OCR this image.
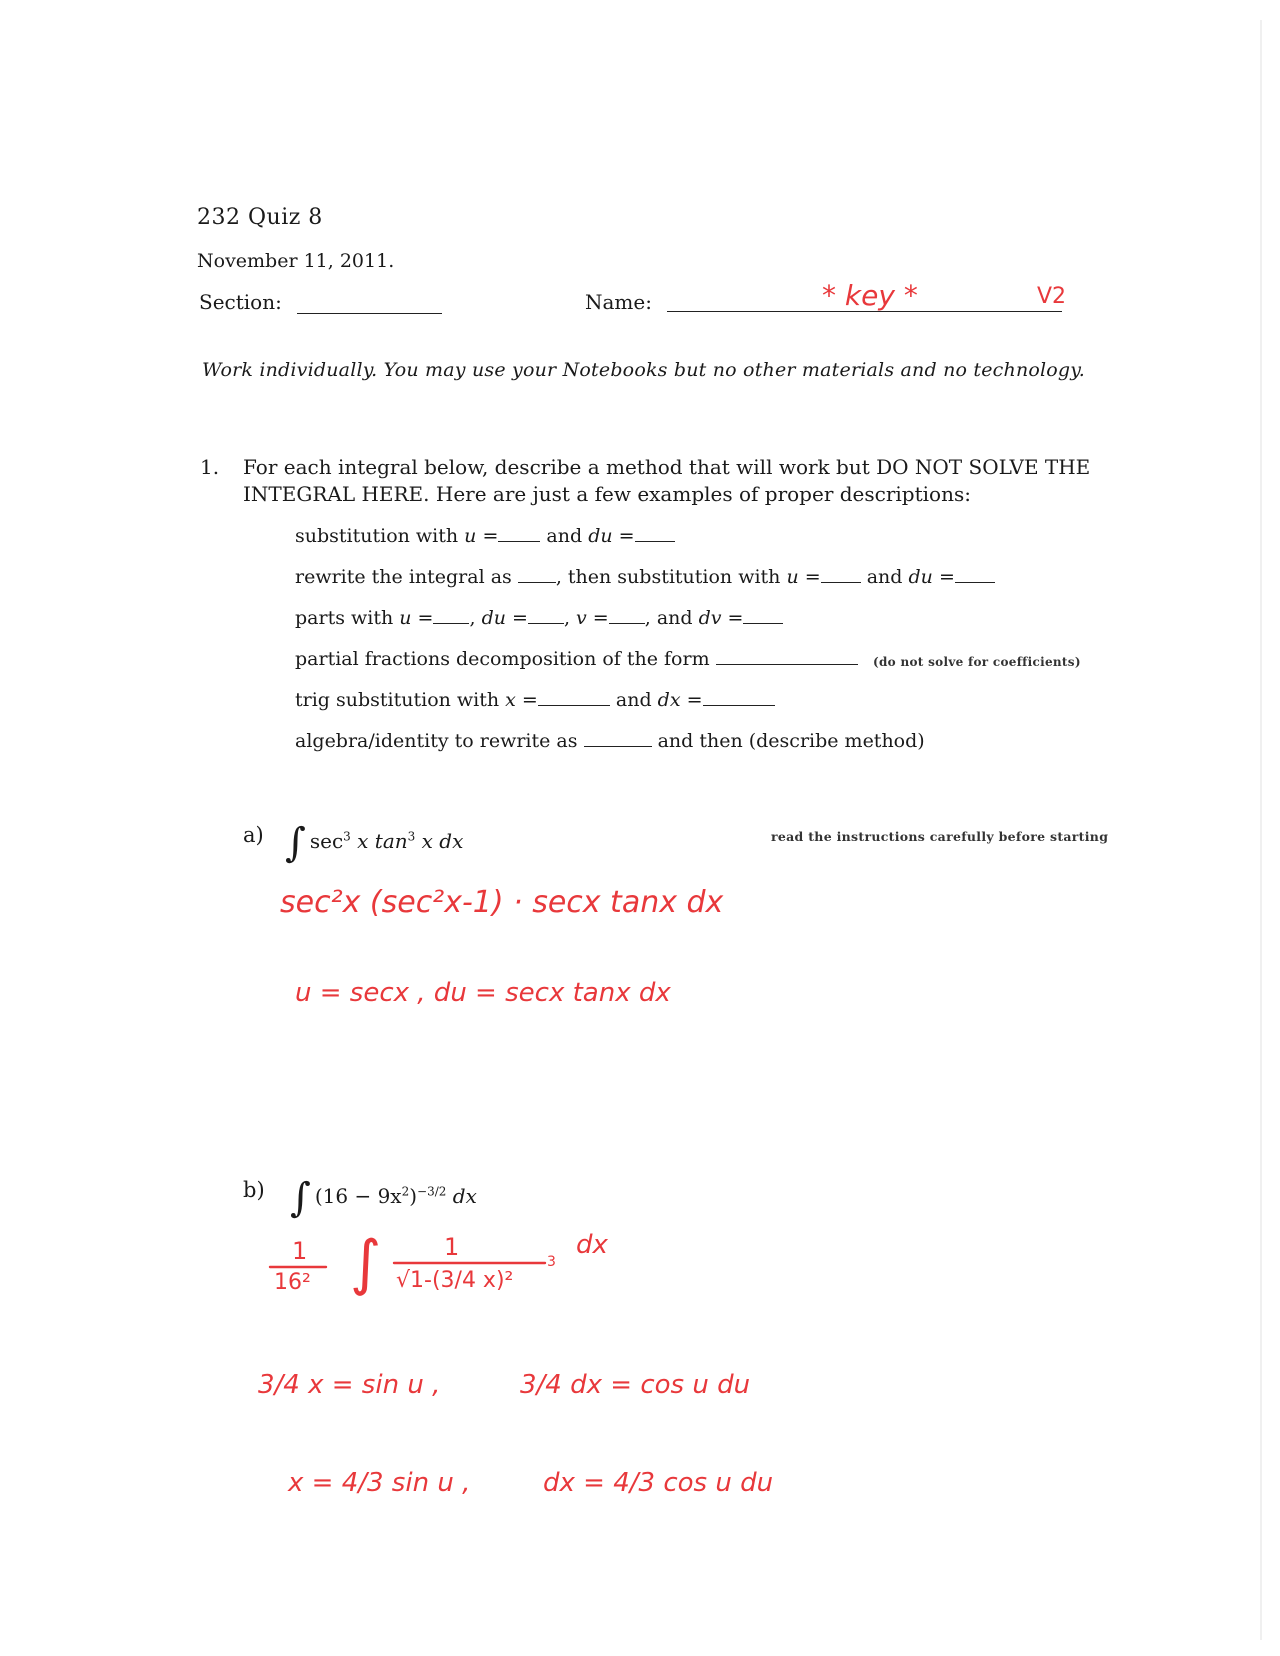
232 Quiz 8
November 11, 2011.
Section:	Name:	* key *	V2
Work individually. You may use your Notebooks but no other materials and no technology.
1. For each integral below, describe a method that will work but DO NOT SOLVE THE
INTEGRAL HERE. Here are just a few examples of proper descriptions:
substitution with u = and du =
rewrite the integral as , then substitution with u = and du =
parts with u = , du = , v = , and dv =
partial fractions decomposition of the form	(do not solve for coefficients)
trig substitution with x =	and dx =
algebra/identity to rewrite as	and then (describe method)
a) ∫ $\sec^3 x$ $\tan^3 x$ dx	read the instructions carefully before starting
sec²x (sec²x-1) · secx tanx dx
u = secx , du = secx tanx dx
b) ∫ $(16 - 9x^2)^{-3/2}$ dx
1
16² ∫	1
√1-(3/4 x)²
3
dx
3/4 x = sin u ,	3/4 dx = cos u du
x = 4/3 sin u ,	dx = 4/3 cos u du
